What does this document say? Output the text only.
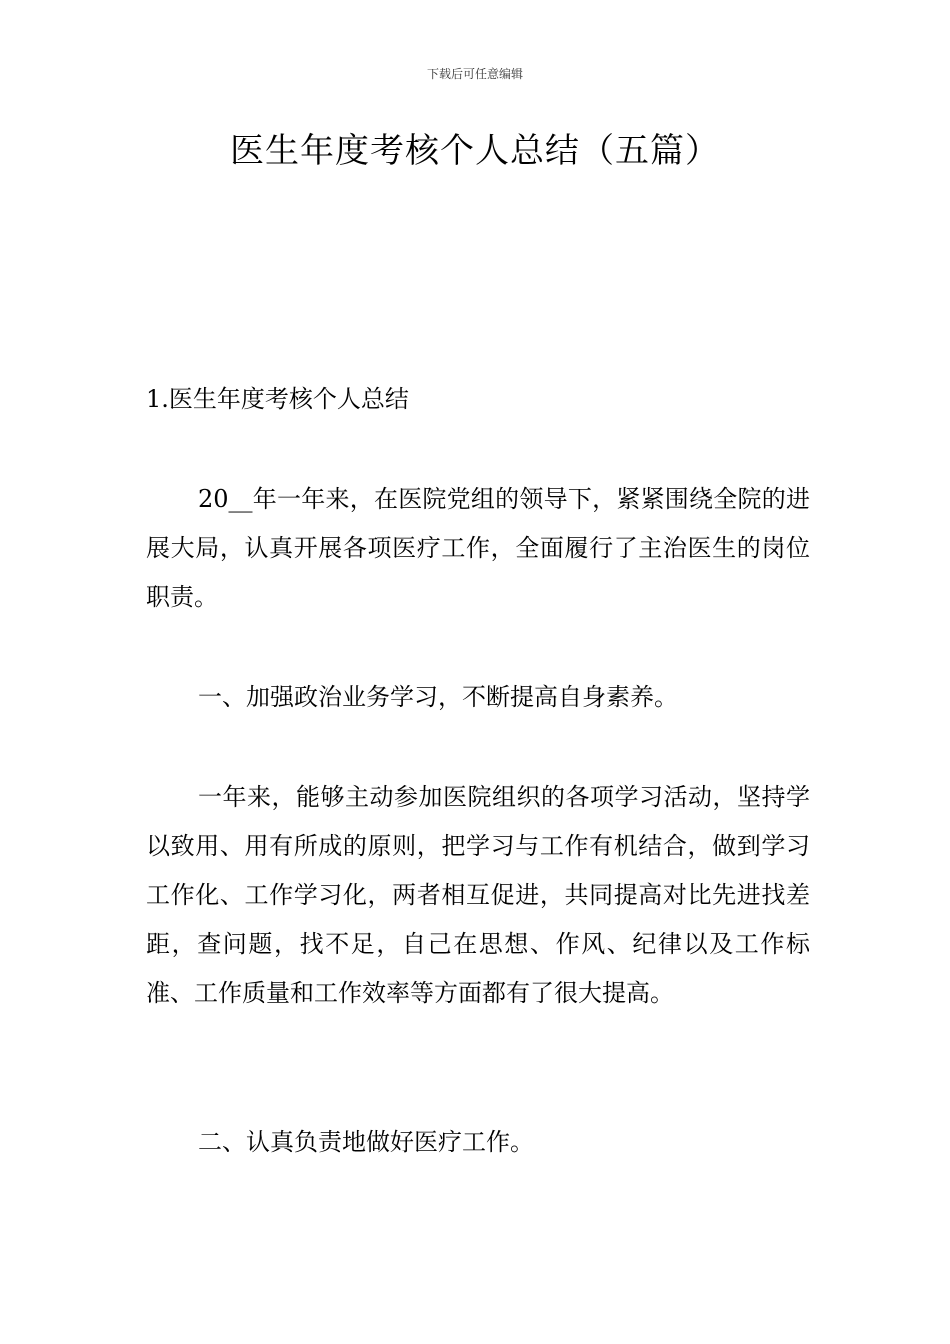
下载后可任意编辑
医生年度考核个人总结（五篇）

1.医生年度考核个人总结

20__年一年来，在医院党组的领导下，紧紧围绕全院的进展大局，认真开展各项医疗工作，全面履行了主治医生的岗位职责。

一、加强政治业务学习，不断提高自身素养。

一年来，能够主动参加医院组织的各项学习活动，坚持学以致用、用有所成的原则，把学习与工作有机结合，做到学习工作化、工作学习化，两者相互促进，共同提高对比先进找差距，查问题，找不足，自己在思想、作风、纪律以及工作标准、工作质量和工作效率等方面都有了很大提高。

二、认真负责地做好医疗工作。
